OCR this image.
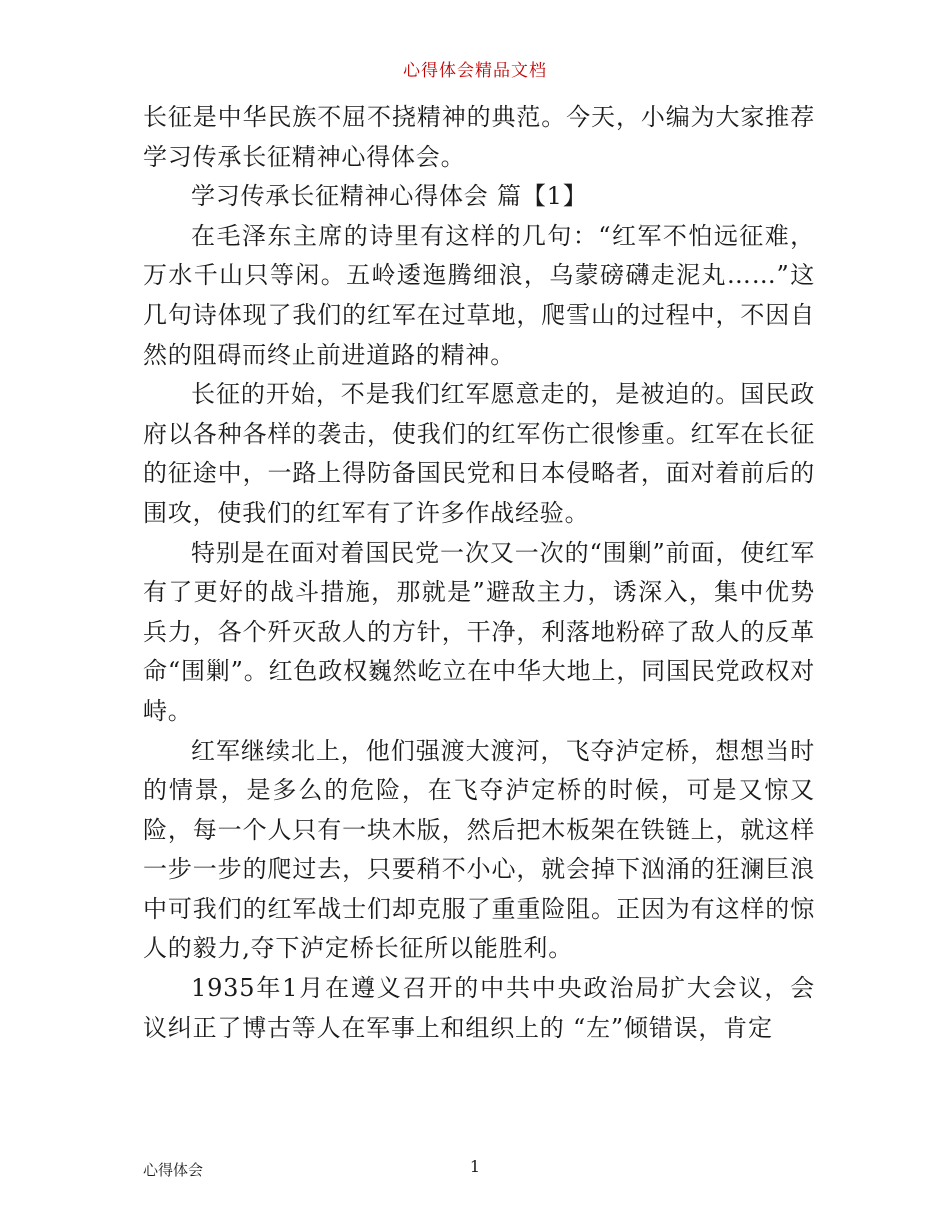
心得体会精品文档

长征是中华民族不屈不挠精神的典范。今天，小编为大家推荐学习传承长征精神心得体会。

学习传承长征精神心得体会 篇【1】

在毛泽东主席的诗里有这样的几句：“红军不怕远征难，万水千山只等闲。五岭逶迤腾细浪，乌蒙磅礴走泥丸……”这几句诗体现了我们的红军在过草地，爬雪山的过程中，不因自然的阻碍而终止前进道路的精神。

长征的开始，不是我们红军愿意走的，是被迫的。国民政府以各种各样的袭击，使我们的红军伤亡很惨重。红军在长征的征途中，一路上得防备国民党和日本侵略者，面对着前后的围攻，使我们的红军有了许多作战经验。

特别是在面对着国民党一次又一次的“围剿”前面，使红军有了更好的战斗措施，那就是”避敌主力，诱深入，集中优势兵力，各个歼灭敌人的方针，干净，利落地粉碎了敌人的反革命“围剿”。红色政权巍然屹立在中华大地上，同国民党政权对峙。

红军继续北上，他们强渡大渡河，飞夺泸定桥，想想当时的情景，是多么的危险，在飞夺泸定桥的时候，可是又惊又险，每一个人只有一块木版，然后把木板架在铁链上，就这样一步一步的爬过去，只要稍不小心，就会掉下汹涌的狂澜巨浪中可我们的红军战士们却克服了重重险阻。正因为有这样的惊人的毅力,夺下泸定桥长征所以能胜利。

1935年1月在遵义召开的中共中央政治局扩大会议，会议纠正了博古等人在军事上和组织上的 “左”倾错误，肯定

心得体会	1
